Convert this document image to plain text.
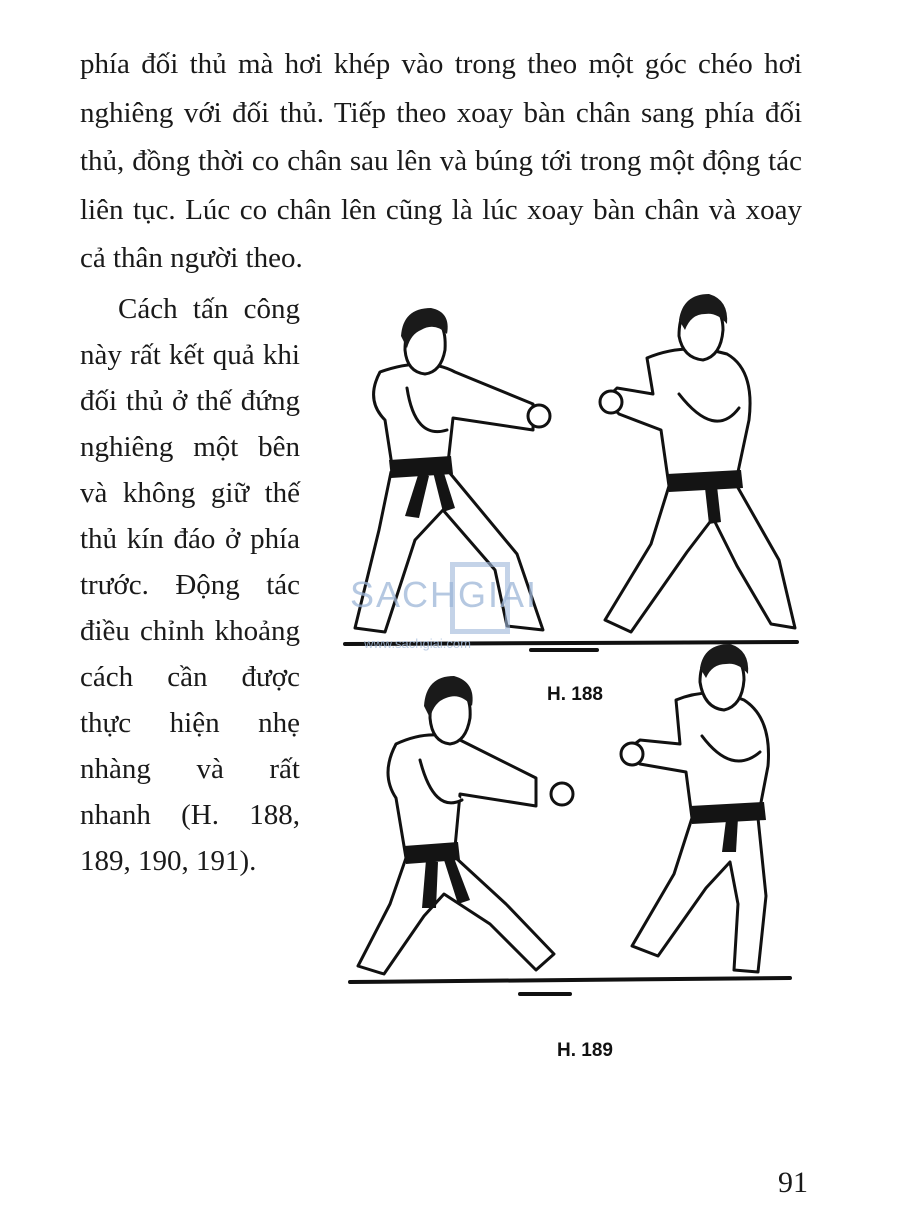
phía đối thủ mà hơi khép vào trong theo một góc chéo hơi nghiêng với đối thủ. Tiếp theo xoay bàn chân sang phía đối thủ, đồng thời co chân sau lên và búng tới trong một động tác liên tục. Lúc co chân lên cũng là lúc xoay bàn chân và xoay cả thân người theo.

Cách tấn công này rất kết quả khi đối thủ ở thế đứng nghiêng một bên và không giữ thế thủ kín đáo ở phía trước. Động tác điều chỉnh khoảng cách cần được thực hiện nhẹ nhàng và rất nhanh (H. 188, 189, 190, 191).

SACHGIAI
www.sachgiai.com

H. 188

H. 189

91
